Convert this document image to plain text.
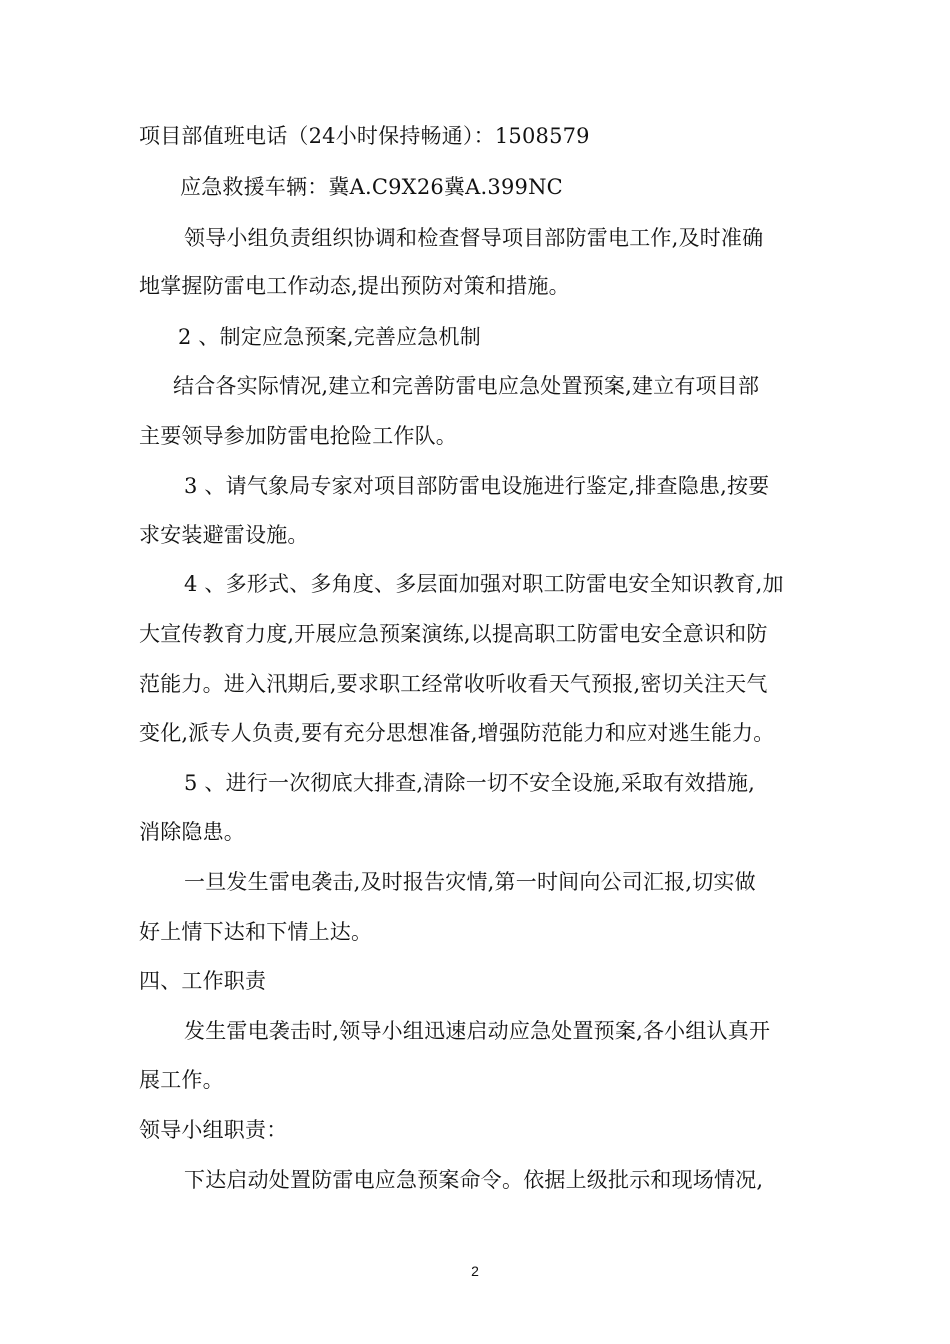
项目部值班电话（24小时保持畅通）：1508579
应急救援车辆：冀A.C9X26冀A.399NC
领导小组负责组织协调和检查督导项目部防雷电工作,及时准确
地掌握防雷电工作动态,提出预防对策和措施。
2 、制定应急预案,完善应急机制
结合各实际情况,建立和完善防雷电应急处置预案,建立有项目部
主要领导参加防雷电抢险工作队。
3 、请气象局专家对项目部防雷电设施进行鉴定,排查隐患,按要
求安装避雷设施。
4 、多形式、多角度、多层面加强对职工防雷电安全知识教育,加
大宣传教育力度,开展应急预案演练,以提高职工防雷电安全意识和防
范能力。进入汛期后,要求职工经常收听收看天气预报,密切关注天气
变化,派专人负责,要有充分思想准备,增强防范能力和应对逃生能力。
5 、进行一次彻底大排查,清除一切不安全设施,采取有效措施,
消除隐患。
一旦发生雷电袭击,及时报告灾情,第一时间向公司汇报,切实做
好上情下达和下情上达。
四、工作职责
发生雷电袭击时,领导小组迅速启动应急处置预案,各小组认真开
展工作。
领导小组职责：
下达启动处置防雷电应急预案命令。依据上级批示和现场情况,
2
